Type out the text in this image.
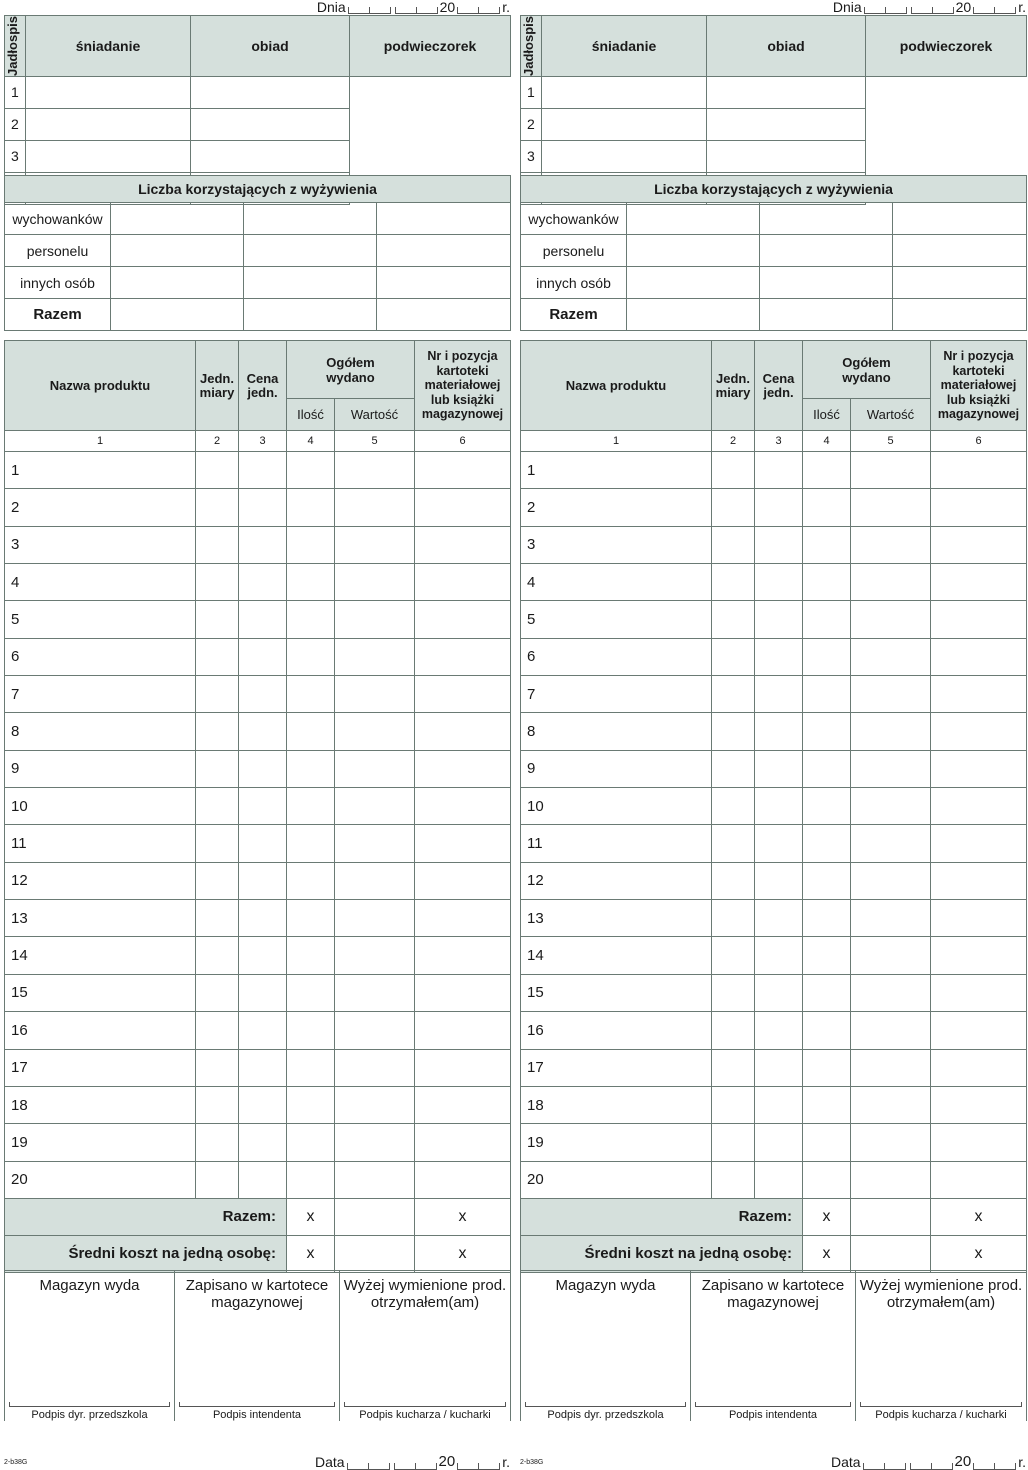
Dnia	20	r.
Jadłospis	śniadanie	obiad	podwieczorek
1			
2			
3			

Liczba korzystających z wyżywienia			
wychowanków			
personelu			
innych osób			
Razem			
Nazwa produktu	Jedn. miary	Cena jedn.	Ogółem wydano		Nr i pozycja kartoteki materiałowej lub książki magazynowej
			Ilość	Wartość	
1	2	3	4	5	6
1					
2					
3					
4					
5					
6					
7					
8					
9					
10					
11					
12					
13					
14					
15					
16					
17					
18					
19					
20					
Razem:			x		x
Średni koszt na jedną osobę:			x		x
Magazyn wyda
Podpis dyr. przedszkola

Zapisano w kartotece magazynowej
Podpis intendenta

Wyżej wymienione prod. otrzymałem(am)
Podpis kucharza / kucharki
2-b38G	Data	20	r.
Dnia	20	r.
Jadłospis	śniadanie	obiad	podwieczorek
1			
2			
3			

Liczba korzystających z wyżywienia			
wychowanków			
personelu			
innych osób			
Razem			
Nazwa produktu	Jedn. miary	Cena jedn.	Ogółem wydano		Nr i pozycja kartoteki materiałowej lub książki magazynowej
			Ilość	Wartość	
1	2	3	4	5	6
1					
2					
3					
4					
5					
6					
7					
8					
9					
10					
11					
12					
13					
14					
15					
16					
17					
18					
19					
20					
Razem:			x		x
Średni koszt na jedną osobę:			x		x
Magazyn wyda
Podpis dyr. przedszkola

Zapisano w kartotece magazynowej
Podpis intendenta

Wyżej wymienione prod. otrzymałem(am)
Podpis kucharza / kucharki
2-b38G	Data	20	r.
